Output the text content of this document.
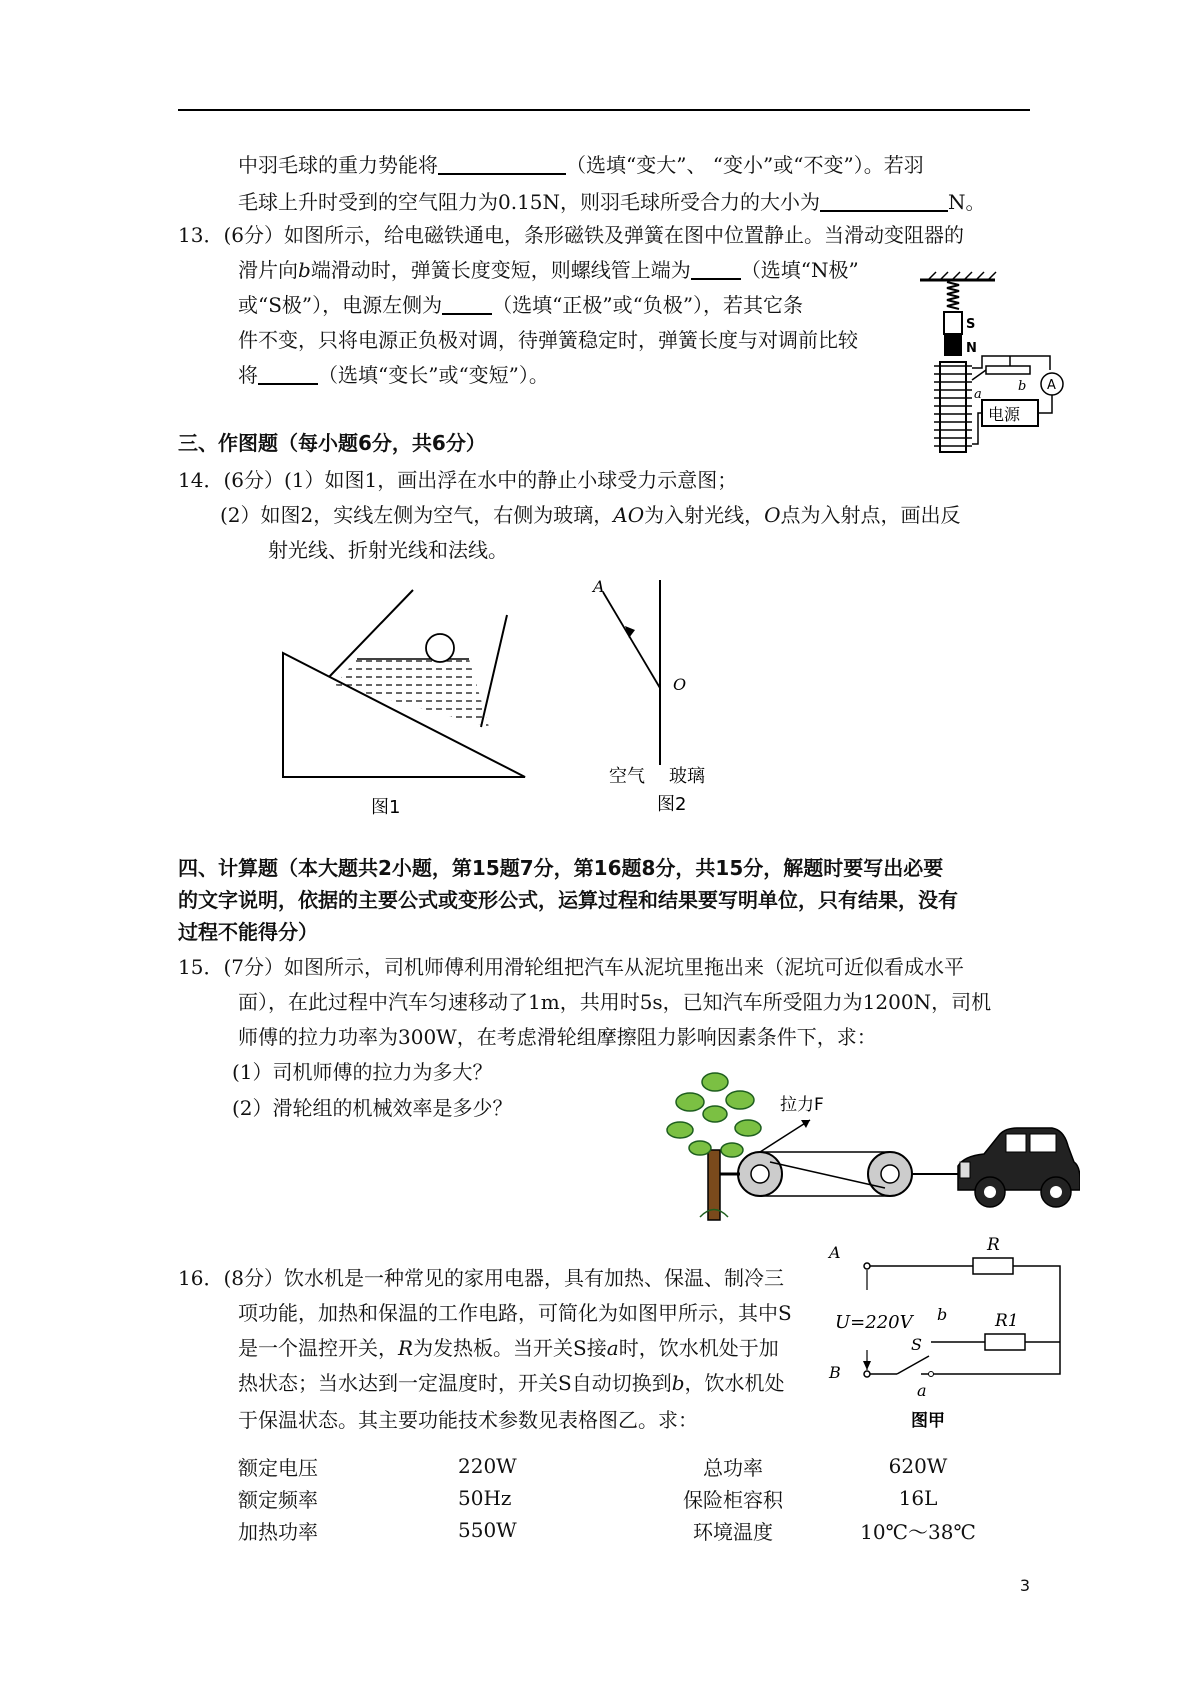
中羽毛球的重力势能将	（选填“变大”、 “变小”或“不变”）。若羽
毛球上升时受到的空气阻力为0.15N，则羽毛球所受合力的大小为	N。
13．(6分）如图所示，给电磁铁通电，条形磁铁及弹簧在图中位置静止。当滑动变阻器的
滑片向b端滑动时，弹簧长度变短，则螺线管上端为	（选填“N极”
或“S极”），电源左侧为	（选填“正极”或“负极”），若其它条
件不变，只将电源正负极对调，待弹簧稳定时，弹簧长度与对调前比较
将	（选填“变长”或“变短”）。
S
N
a
b A
电源
三、作图题（每小题6分，共6分）
14．(6分）(1）如图1，画出浮在水中的静止小球受力示意图；
(2）如图2，实线左侧为空气，右侧为玻璃，AO为入射光线，O点为入射点，画出反
射光线、折射光线和法线。
图1
A
O
空气 玻璃
图2
四、计算题（本大题共2小题，第15题7分，第16题8分，共15分，解题时要写出必要
的文字说明，依据的主要公式或变形公式，运算过程和结果要写明单位，只有结果，没有
过程不能得分）
15．(7分）如图所示，司机师傅利用滑轮组把汽车从泥坑里拖出来（泥坑可近似看成水平
面），在此过程中汽车匀速移动了1m，共用时5s，已知汽车所受阻力为1200N，司机
师傅的拉力功率为300W，在考虑滑轮组摩擦阻力影响因素条件下，求：
(1）司机师傅的拉力为多大？
(2）滑轮组的机械效率是多少？	拉力F
16．(8分）饮水机是一种常见的家用电器，具有加热、保温、制冷三
项功能，加热和保温的工作电路，可简化为如图甲所示，其中S
是一个温控开关，R为发热板。当开关S接a时，饮水机处于加
热状态；当水达到一定温度时，开关S自动切换到b，饮水机处
于保温状态。其主要功能技术参数见表格图乙。求：
A
B
U=220V
R
a
S
b	R1
图甲
额定电压	220W	总功率	620W
额定频率	50Hz	保险柜容积	16L
加热功率	550W	环境温度	10℃～38℃
3
